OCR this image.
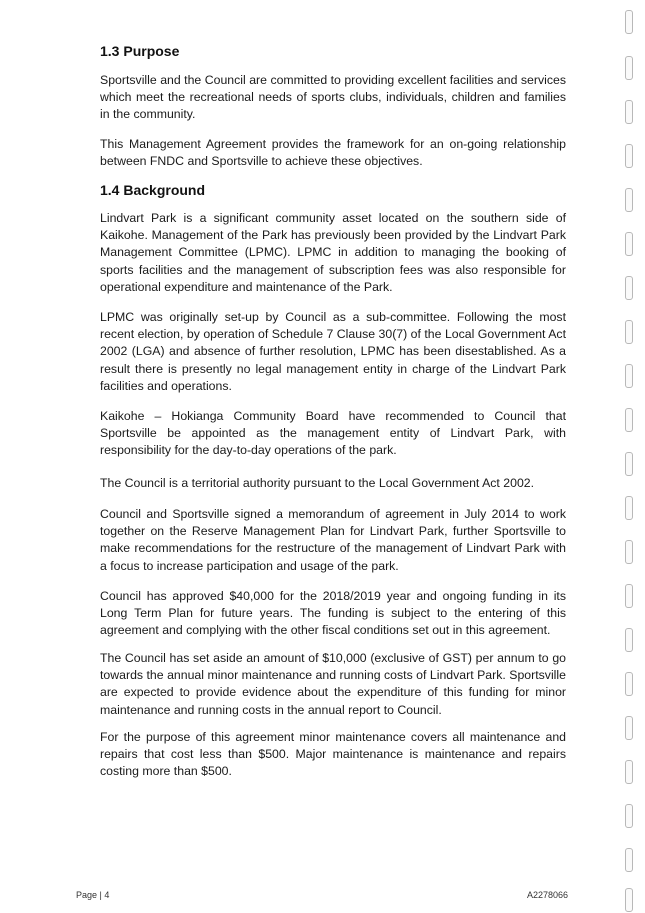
1.3 Purpose

Sportsville and the Council are committed to providing excellent facilities and services which meet the recreational needs of sports clubs, individuals, children and families in the community.

This Management Agreement provides the framework for an on-going relationship between FNDC and Sportsville to achieve these objectives.

1.4 Background

Lindvart Park is a significant community asset located on the southern side of Kaikohe. Management of the Park has previously been provided by the Lindvart Park Management Committee (LPMC). LPMC in addition to managing the booking of sports facilities and the management of subscription fees was also responsible for operational expenditure and maintenance of the Park.

LPMC was originally set-up by Council as a sub-committee. Following the most recent election, by operation of Schedule 7 Clause 30(7) of the Local Government Act 2002 (LGA) and absence of further resolution, LPMC has been disestablished. As a result there is presently no legal management entity in charge of the Lindvart Park facilities and operations.

Kaikohe – Hokianga Community Board have recommended to Council that Sportsville be appointed as the management entity of Lindvart Park, with responsibility for the day-to-day operations of the park.

The Council is a territorial authority pursuant to the Local Government Act 2002.

Council and Sportsville signed a memorandum of agreement in July 2014 to work together on the Reserve Management Plan for Lindvart Park, further Sportsville to make recommendations for the restructure of the management of Lindvart Park with a focus to increase participation and usage of the park.

Council has approved $40,000 for the 2018/2019 year and ongoing funding in its Long Term Plan for future years. The funding is subject to the entering of this agreement and complying with the other fiscal conditions set out in this agreement.

The Council has set aside an amount of $10,000 (exclusive of GST) per annum to go towards the annual minor maintenance and running costs of Lindvart Park. Sportsville are expected to provide evidence about the expenditure of this funding for minor maintenance and running costs in the annual report to Council.

For the purpose of this agreement minor maintenance covers all maintenance and repairs that cost less than $500. Major maintenance is maintenance and repairs costing more than $500.

Page | 4	A2278066
